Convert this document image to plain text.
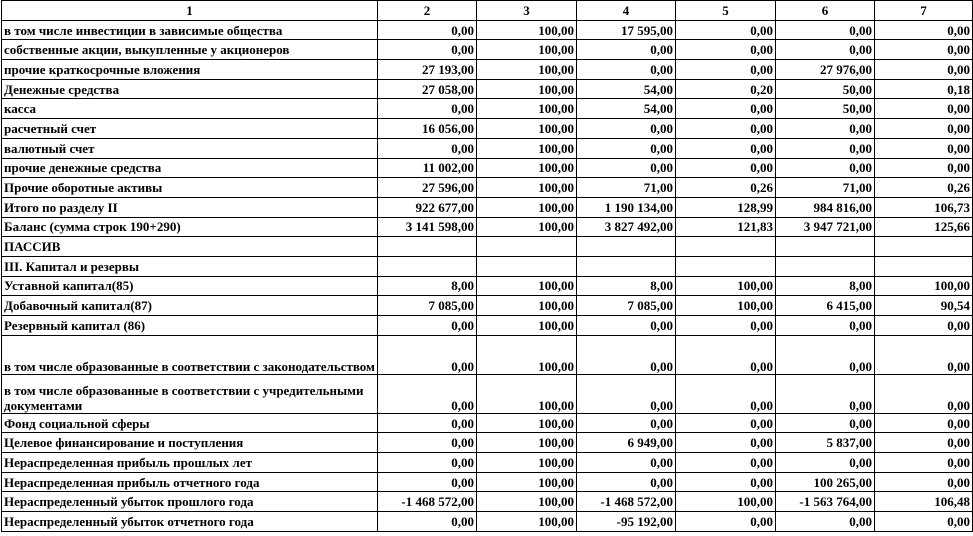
1	2	3	4	5	6	7
в том числе инвестиции в зависимые общества	0,00	100,00	17 595,00	0,00	0,00	0,00
собственные акции, выкупленные у акционеров	0,00	100,00	0,00	0,00	0,00	0,00
прочие краткосрочные вложения	27 193,00	100,00	0,00	0,00	27 976,00	0,00
Денежные средства	27 058,00	100,00	54,00	0,20	50,00	0,18
касса	0,00	100,00	54,00	0,00	50,00	0,00
расчетный счет	16 056,00	100,00	0,00	0,00	0,00	0,00
валютный счет	0,00	100,00	0,00	0,00	0,00	0,00
прочие денежные средства	11 002,00	100,00	0,00	0,00	0,00	0,00
Прочие оборотные активы	27 596,00	100,00	71,00	0,26	71,00	0,26
Итого по разделу II	922 677,00	100,00	1 190 134,00	128,99	984 816,00	106,73
Баланс (сумма строк 190+290)	3 141 598,00	100,00	3 827 492,00	121,83	3 947 721,00	125,66
ПАССИВ						
III. Капитал и резервы						
Уставной капитал(85)	8,00	100,00	8,00	100,00	8,00	100,00
Добавочный капитал(87)	7 085,00	100,00	7 085,00	100,00	6 415,00	90,54
Резервный капитал (86)	0,00	100,00	0,00	0,00	0,00	0,00
в том числе образованные в соответствии с законодательством	0,00	100,00	0,00	0,00	0,00	0,00
в том числе образованные в соответствии с учредительными документами	0,00	100,00	0,00	0,00	0,00	0,00
Фонд социальной сферы	0,00	100,00	0,00	0,00	0,00	0,00
Целевое финансирование и поступления	0,00	100,00	6 949,00	0,00	5 837,00	0,00
Нераспределенная прибыль прошлых лет	0,00	100,00	0,00	0,00	0,00	0,00
Нераспределенная прибыль отчетного года	0,00	100,00	0,00	0,00	100 265,00	0,00
Нераспределенный убыток прошлого года	-1 468 572,00	100,00	-1 468 572,00	100,00	-1 563 764,00	106,48
Нераспределенный убыток отчетного года	0,00	100,00	-95 192,00	0,00	0,00	0,00
